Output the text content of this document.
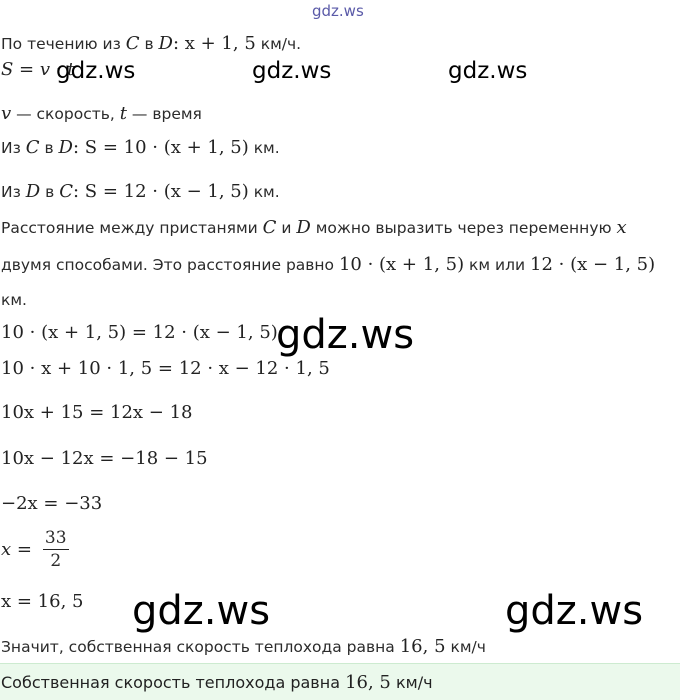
gdz.ws
По течению из C в D: x + 1, 5 км/ч.
S = v · t
gdz.ws	gdz.ws	gdz.ws
v — скорость, t — время
Из C в D: S = 10 · (x + 1, 5) км.
Из D в C: S = 12 · (x − 1, 5) км.
Расстояние между пристанями C и D можно выразить через переменную x
двумя способами. Это расстояние равно 10 · (x + 1, 5) км или 12 · (x − 1, 5)
км.
10 · (x + 1, 5) = 12 · (x − 1, 5)
gdz.ws
10 · x + 10 · 1, 5 = 12 · x − 12 · 1, 5
10x + 15 = 12x − 18
10x − 12x = −18 − 15
−2x = −33
$x = \frac{33}{2}$
x = 16, 5 gdz.ws	gdz.ws
Значит, собственная скорость теплохода равна 16, 5 км/ч
Собственная скорость теплохода равна 16, 5 км/ч
